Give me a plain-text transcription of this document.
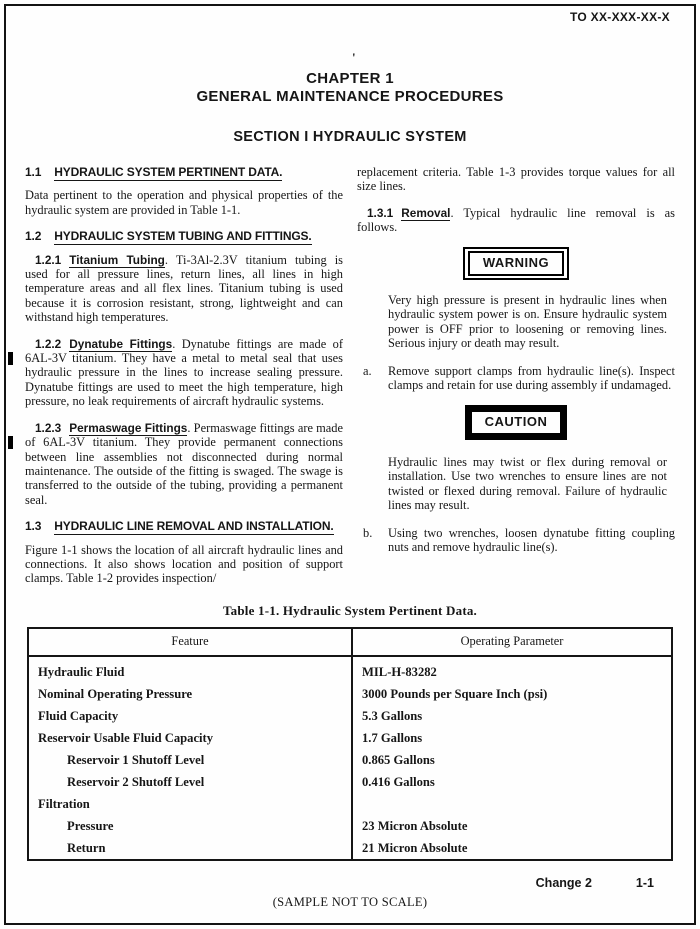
TO XX-XXX-XX-X
'
CHAPTER 1
GENERAL MAINTENANCE PROCEDURES
SECTION I HYDRAULIC SYSTEM
1.1 HYDRAULIC SYSTEM PERTINENT DATA.
Data pertinent to the operation and physical properties of the hydraulic system are provided in Table 1-1.
1.2 HYDRAULIC SYSTEM TUBING AND FITTINGS.
1.2.1 Titanium Tubing. Ti-3Al-2.3V titanium tubing is used for all pressure lines, return lines, all lines in high temperature areas and all flex lines. Titanium tubing is used because it is corrosion resistant, strong, lightweight and can withstand high temperatures.
1.2.2 Dynatube Fittings. Dynatube fittings are made of 6AL-3V titanium. They have a metal to metal seal that uses hydraulic pressure in the lines to increase sealing pressure. Dynatube fittings are used to meet the high temperature, high pressure, no leak requirements of aircraft hydraulic systems.
1.2.3 Permaswage Fittings. Permaswage fittings are made of 6AL-3V titanium. They provide permanent connections between line assemblies not disconnected during normal maintenance. The outside of the fitting is swaged. The swage is transferred to the outside of the tubing, providing a permanent seal.
1.3 HYDRAULIC LINE REMOVAL AND INSTALLATION.
Figure 1-1 shows the location of all aircraft hydraulic lines and connections. It also shows location and position of support clamps. Table 1-2 provides inspection/
replacement criteria. Table 1-3 provides torque values for all size lines.
1.3.1 Removal. Typical hydraulic line removal is as follows.
WARNING
Very high pressure is present in hydraulic lines when hydraulic system power is on. Ensure hydraulic system power is OFF prior to loosening or removing lines. Serious injury or death may result.
a.	Remove support clamps from hydraulic line(s). Inspect clamps and retain for use during assembly if undamaged.
CAUTION
Hydraulic lines may twist or flex during removal or installation. Use two wrenches to ensure lines are not twisted or flexed during removal. Failure of hydraulic lines may result.
b.	Using two wrenches, loosen dynatube fitting coupling nuts and remove hydraulic line(s).
Table 1-1. Hydraulic System Pertinent Data.
Feature	Operating Parameter
Hydraulic Fluid	MIL-H-83282
Nominal Operating Pressure	3000 Pounds per Square Inch (psi)
Fluid Capacity	5.3 Gallons
Reservoir Usable Fluid Capacity	1.7 Gallons
Reservoir 1 Shutoff Level	0.865 Gallons
Reservoir 2 Shutoff Level	0.416 Gallons
Filtration	
Pressure	23 Micron Absolute
Return	21 Micron Absolute
Change 2	1-1
(SAMPLE NOT TO SCALE)
